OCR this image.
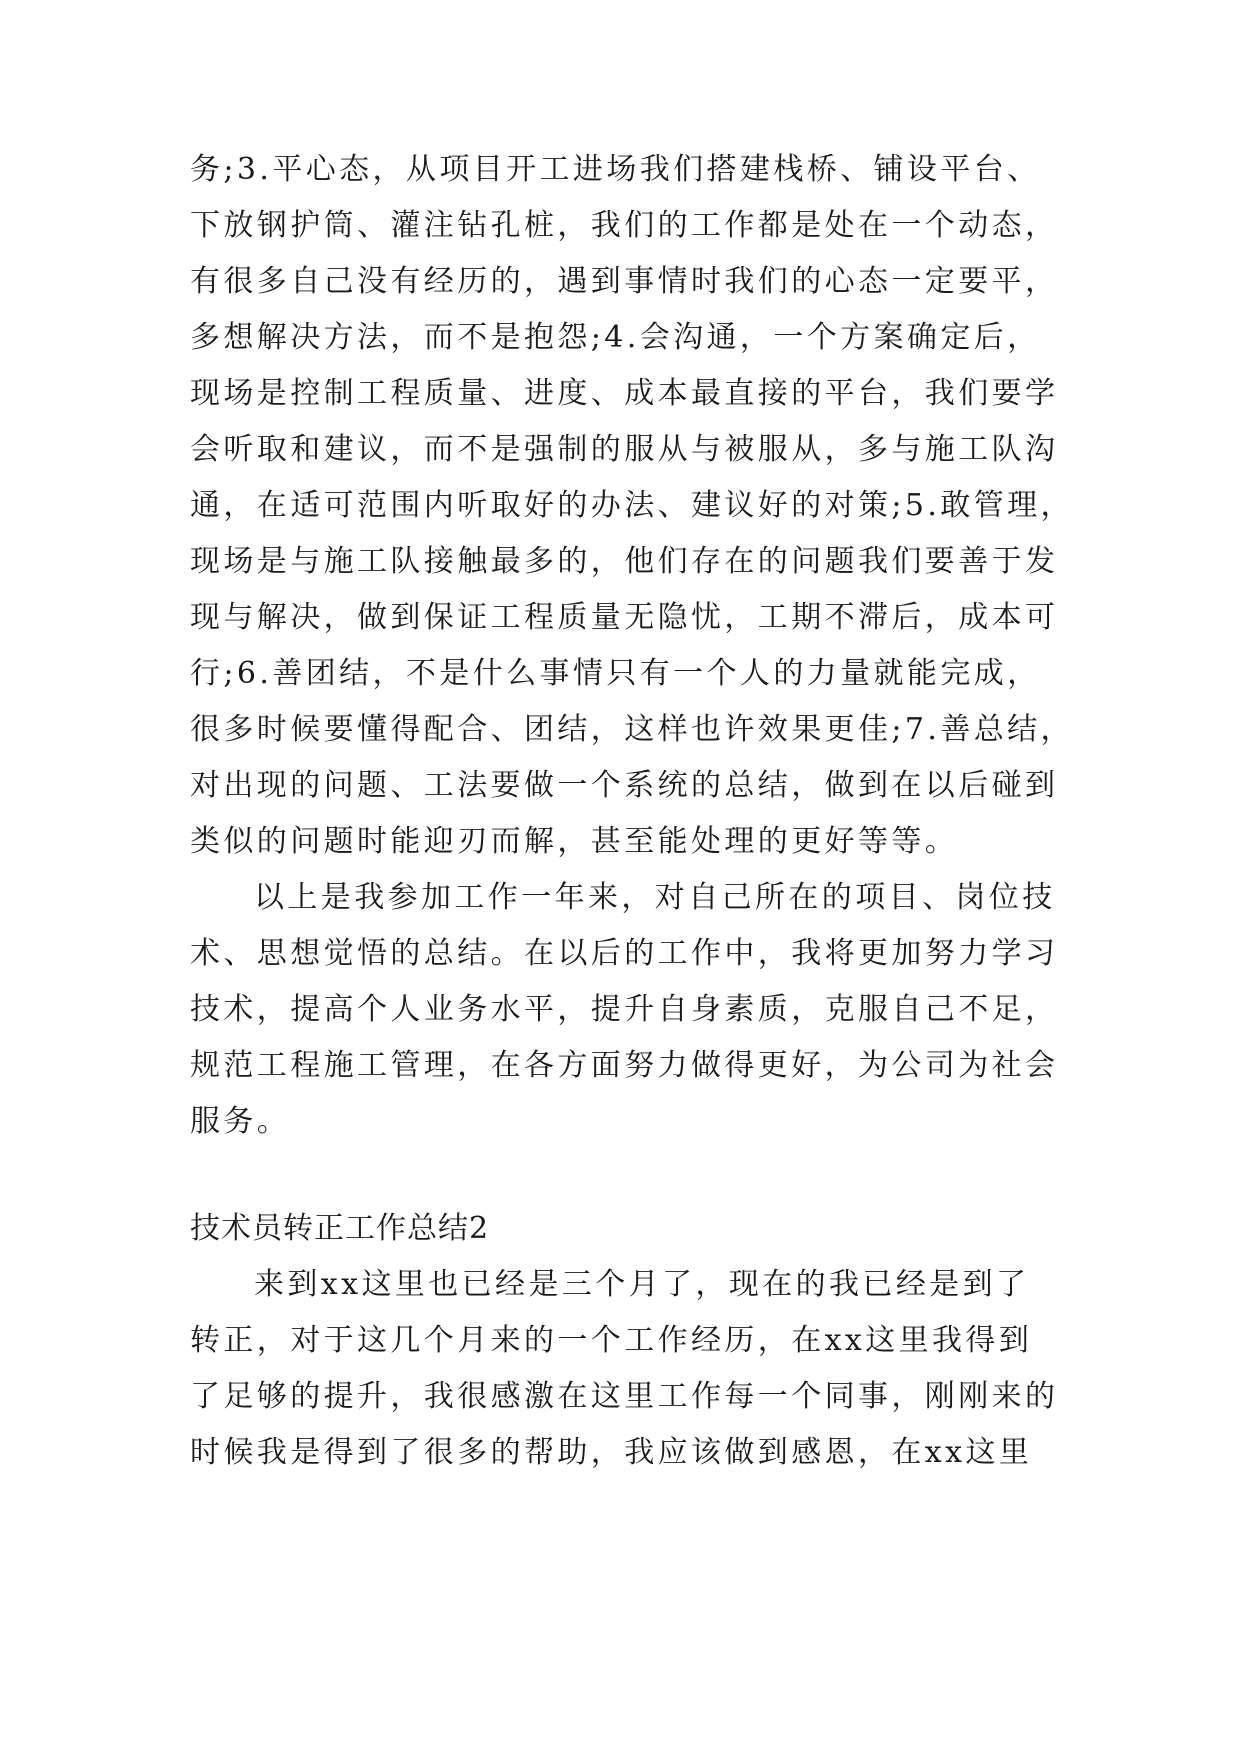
务;3.平心态，从项目开工进场我们搭建栈桥、铺设平台、
下放钢护筒、灌注钻孔桩，我们的工作都是处在一个动态，
有很多自己没有经历的，遇到事情时我们的心态一定要平，
多想解决方法，而不是抱怨;4.会沟通，一个方案确定后，
现场是控制工程质量、进度、成本最直接的平台，我们要学
会听取和建议，而不是强制的服从与被服从，多与施工队沟
通，在适可范围内听取好的办法、建议好的对策;5.敢管理，
现场是与施工队接触最多的，他们存在的问题我们要善于发
现与解决，做到保证工程质量无隐忧，工期不滞后，成本可
行;6.善团结，不是什么事情只有一个人的力量就能完成，
很多时候要懂得配合、团结，这样也许效果更佳;7.善总结，
对出现的问题、工法要做一个系统的总结，做到在以后碰到
类似的问题时能迎刃而解，甚至能处理的更好等等。
以上是我参加工作一年来，对自己所在的项目、岗位技
术、思想觉悟的总结。在以后的工作中，我将更加努力学习
技术，提高个人业务水平，提升自身素质，克服自己不足，
规范工程施工管理，在各方面努力做得更好，为公司为社会
服务。
技术员转正工作总结2
来到xx这里也已经是三个月了，现在的我已经是到了
转正，对于这几个月来的一个工作经历，在xx这里我得到
了足够的提升，我很感激在这里工作每一个同事，刚刚来的
时候我是得到了很多的帮助，我应该做到感恩，在xx这里
